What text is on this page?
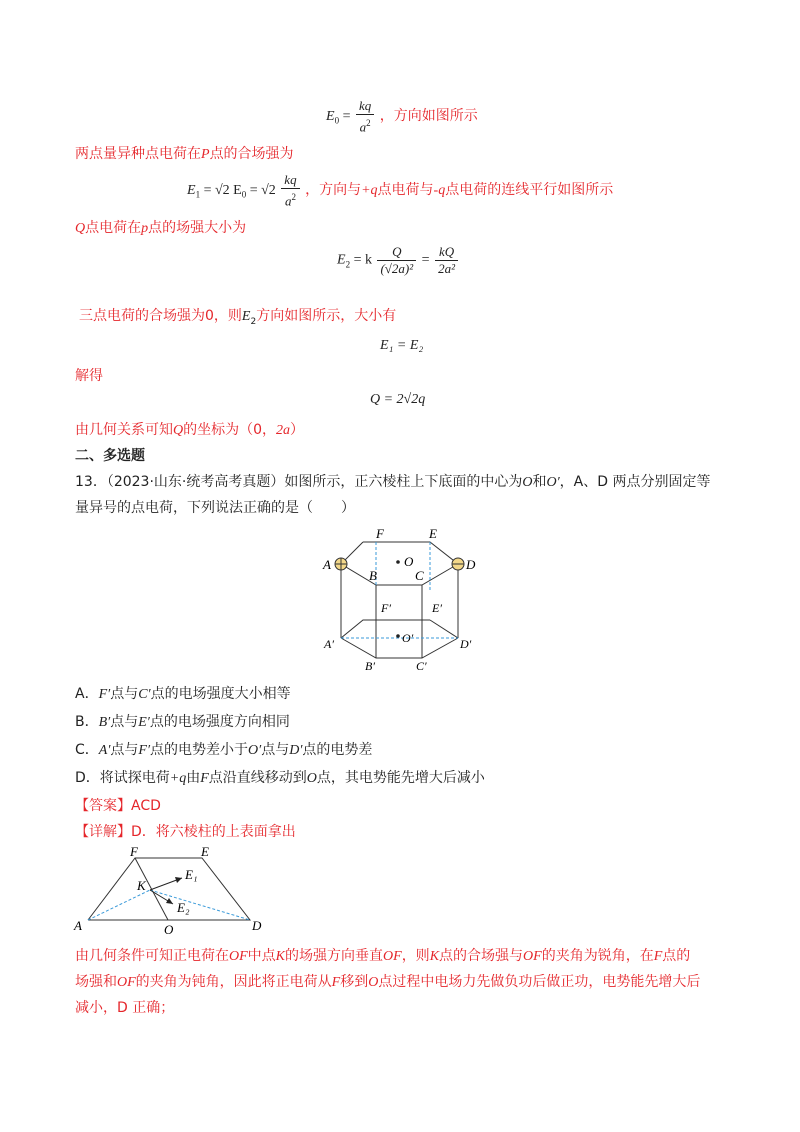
$E_0 = \frac{kq}{a^2}$ ，方向如图所示
两点量异种点电荷在P点的合场强为
$E_1 = √2$ $E_0 = √2 \frac{kq}{a^2}$ ，方向与+q点电荷与-q点电荷的连线平行如图所示
Q点电荷在p点的场强大小为
$E_2 = k \frac{Q}{\text{(√2a)²}} = \frac{kQ}{\text{2a²}}$
三点电荷的合场强为0，则$E_2$方向如图所示，大小有
E₁ = E₂
解得
Q = 2√2q
由几何关系可知Q的坐标为（0，2a）
二、多选题
13．（2023·山东·统考高考真题）如图所示，正六棱柱上下底面的中心为O和O′，A、D 两点分别固定等
量异号的点电荷，下列说法正确的是（　　）
F	E
A	D
B	C
O
F′	E′
A′	D′
O′
B′	C′
A．F′点与C′点的电场强度大小相等
B．B′点与E′点的电场强度方向相同
C．A′点与F′点的电势差小于O′点与D′点的电势差
D．将试探电荷+q由F点沿直线移动到O点，其电势能先增大后减小
【答案】ACD
【详解】D．将六棱柱的上表面拿出
F	E
K
E₁
E₂
A	O	D
由几何条件可知正电荷在OF中点K的场强方向垂直OF，则K点的合场强与OF的夹角为锐角，在F点的
场强和OF的夹角为钝角，因此将正电荷从F移到O点过程中电场力先做负功后做正功，电势能先增大后
减小，D 正确；
